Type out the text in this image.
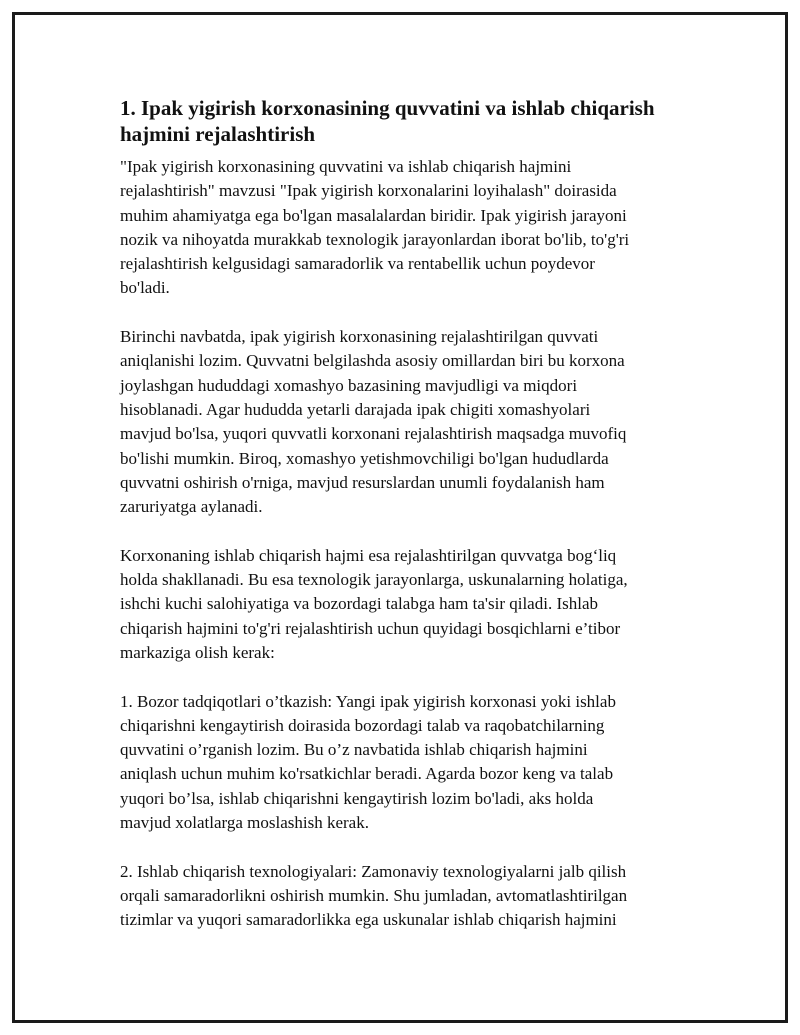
1. Ipak yigirish korxonasining quvvatini va ishlab chiqarish
hajmini rejalashtirish

"Ipak yigirish korxonasining quvvatini va ishlab chiqarish hajmini
rejalashtirish" mavzusi "Ipak yigirish korxonalarini loyihalash" doirasida
muhim ahamiyatga ega bo'lgan masalalardan biridir. Ipak yigirish jarayoni
nozik va nihoyatda murakkab texnologik jarayonlardan iborat bo'lib, to'g'ri
rejalashtirish kelgusidagi samaradorlik va rentabellik uchun poydevor
bo'ladi.

Birinchi navbatda, ipak yigirish korxonasining rejalashtirilgan quvvati
aniqlanishi lozim. Quvvatni belgilashda asosiy omillardan biri bu korxona
joylashgan hududdagi xomashyo bazasining mavjudligi va miqdori
hisoblanadi. Agar hududda yetarli darajada ipak chigiti xomashyolari
mavjud bo'lsa, yuqori quvvatli korxonani rejalashtirish maqsadga muvofiq
bo'lishi mumkin. Biroq, xomashyo yetishmovchiligi bo'lgan hududlarda
quvvatni oshirish o'rniga, mavjud resurslardan unumli foydalanish ham
zaruriyatga aylanadi.

Korxonaning ishlab chiqarish hajmi esa rejalashtirilgan quvvatga bog‘liq
holda shakllanadi. Bu esa texnologik jarayonlarga, uskunalarning holatiga,
ishchi kuchi salohiyatiga va bozordagi talabga ham ta'sir qiladi. Ishlab
chiqarish hajmini to'g'ri rejalashtirish uchun quyidagi bosqichlarni e’tibor
markaziga olish kerak:

1. Bozor tadqiqotlari o’tkazish: Yangi ipak yigirish korxonasi yoki ishlab
chiqarishni kengaytirish doirasida bozordagi talab va raqobatchilarning
quvvatini o’rganish lozim. Bu o’z navbatida ishlab chiqarish hajmini
aniqlash uchun muhim ko'rsatkichlar beradi. Agarda bozor keng va talab
yuqori bo’lsa, ishlab chiqarishni kengaytirish lozim bo'ladi, aks holda
mavjud xolatlarga moslashish kerak.

2. Ishlab chiqarish texnologiyalari: Zamonaviy texnologiyalarni jalb qilish
orqali samaradorlikni oshirish mumkin. Shu jumladan, avtomatlashtirilgan
tizimlar va yuqori samaradorlikka ega uskunalar ishlab chiqarish hajmini
